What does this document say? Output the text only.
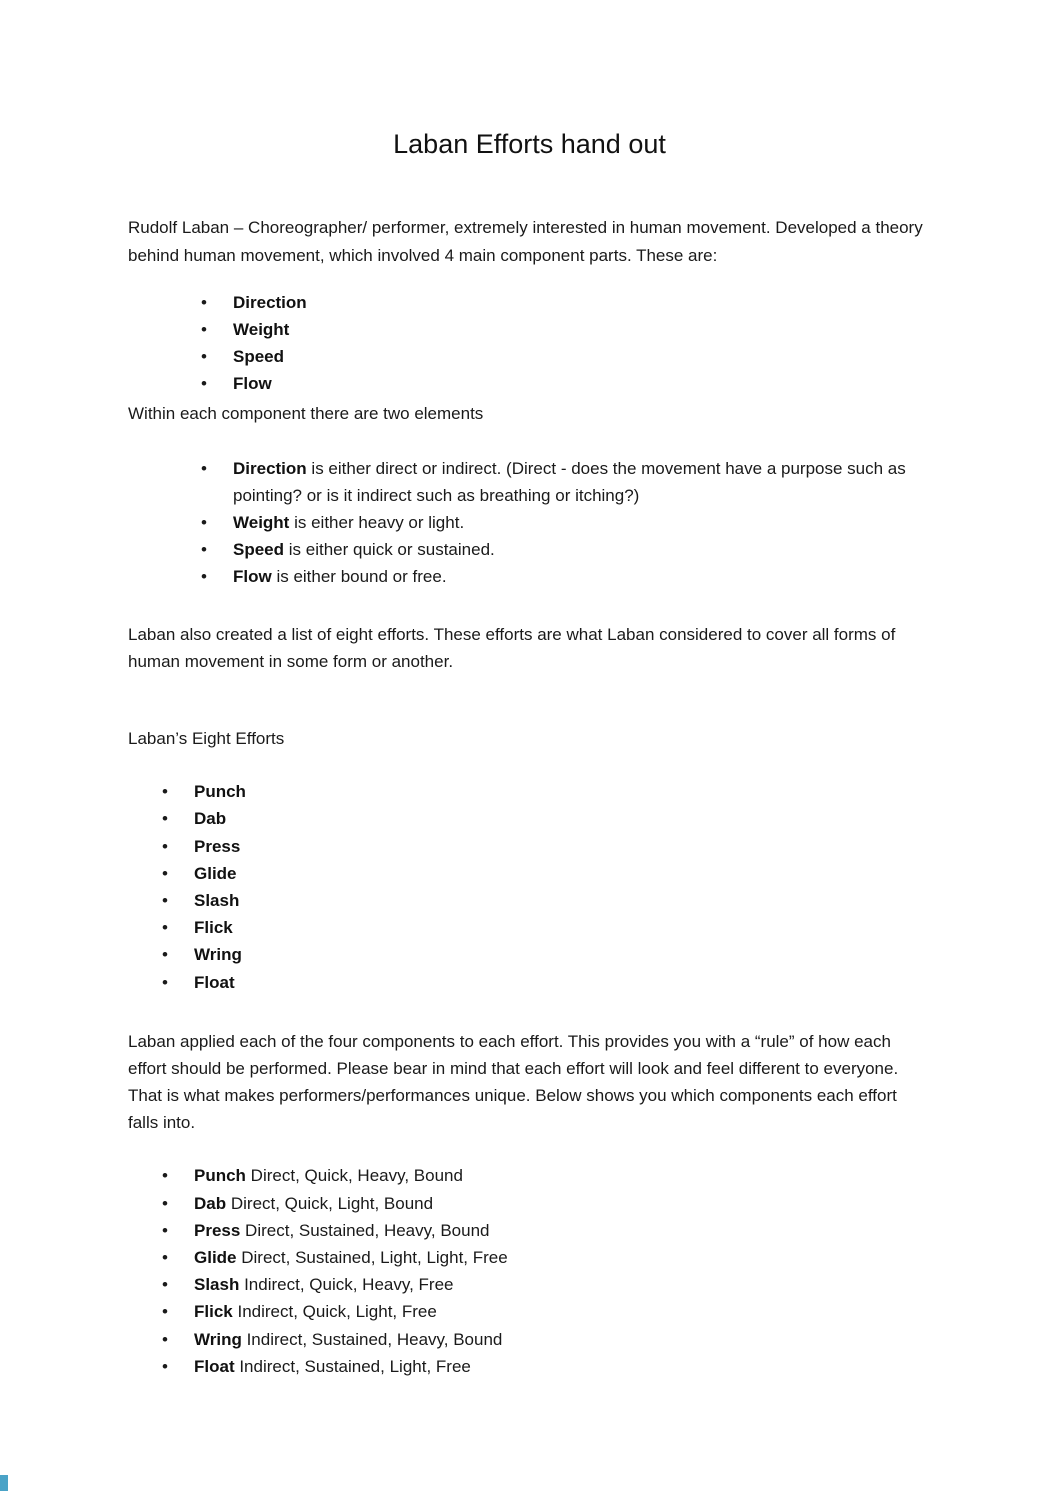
Laban Efforts hand out

Rudolf Laban – Choreographer/ performer, extremely interested in human movement. Developed a theory behind human movement, which involved 4 main component parts. These are:

• Direction
• Weight
• Speed
• Flow

Within each component there are two elements

• Direction is either direct or indirect. (Direct - does the movement have a purpose such as pointing? or is it indirect such as breathing or itching?)
• Weight is either heavy or light.
• Speed is either quick or sustained.
• Flow is either bound or free.

Laban also created a list of eight efforts. These efforts are what Laban considered to cover all forms of human movement in some form or another.

Laban’s Eight Efforts

• Punch
• Dab
• Press
• Glide
• Slash
• Flick
• Wring
• Float

Laban applied each of the four components to each effort. This provides you with a “rule” of how each effort should be performed. Please bear in mind that each effort will look and feel different to everyone. That is what makes performers/performances unique. Below shows you which components each effort falls into.

• Punch Direct, Quick, Heavy, Bound
• Dab Direct, Quick, Light, Bound
• Press Direct, Sustained, Heavy, Bound
• Glide Direct, Sustained, Light, Light, Free
• Slash Indirect, Quick, Heavy, Free
• Flick Indirect, Quick, Light, Free
• Wring Indirect, Sustained, Heavy, Bound
• Float Indirect, Sustained, Light, Free
